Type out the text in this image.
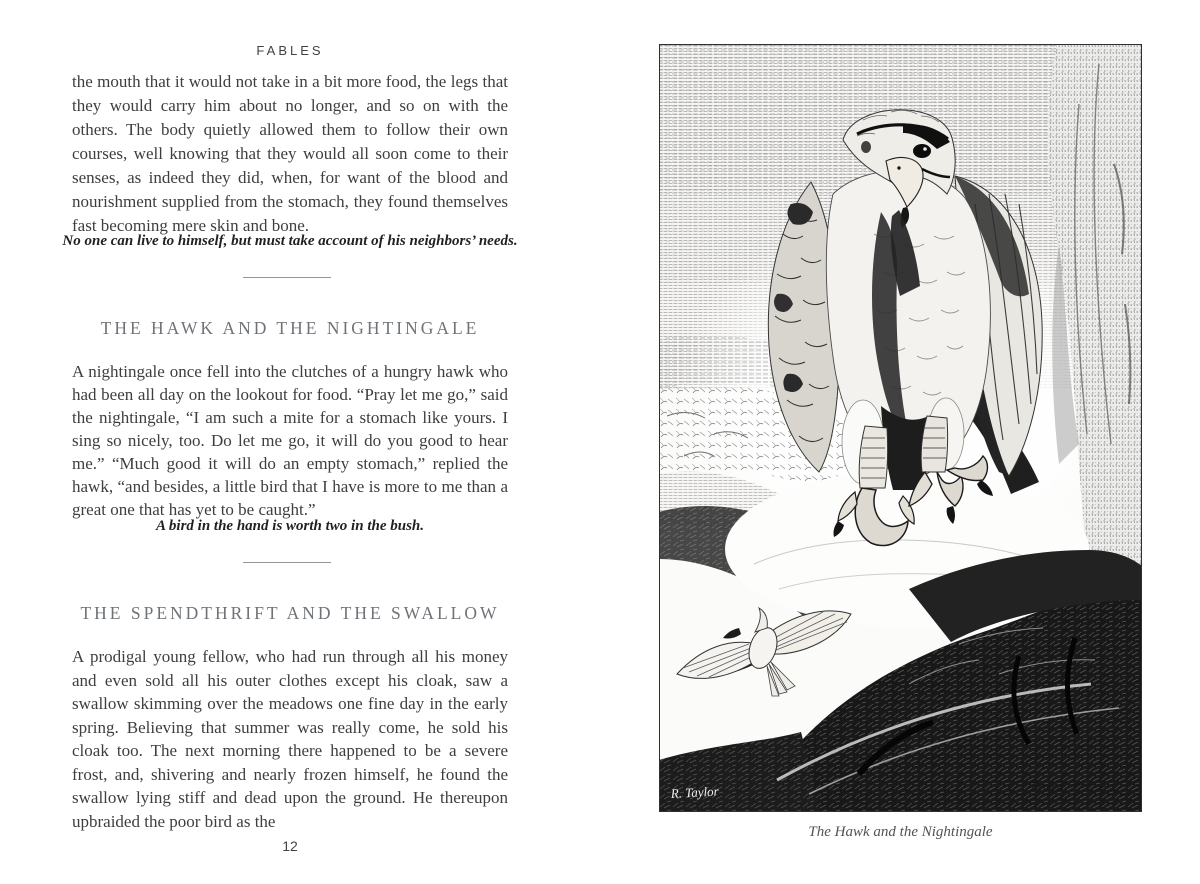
FABLES
the mouth that it would not take in a bit more food, the legs that they would carry him about no longer, and so on with the others. The body quietly allowed them to follow their own courses, well knowing that they would all soon come to their senses, as indeed they did, when, for want of the blood and nourishment supplied from the stomach, they found themselves fast becoming mere skin and bone.
No one can live to himself, but must take account of his neighbors’ needs.
THE HAWK AND THE NIGHTINGALE
A nightingale once fell into the clutches of a hungry hawk who had been all day on the lookout for food. “Pray let me go,” said the nightingale, “I am such a mite for a stomach like yours. I sing so nicely, too. Do let me go, it will do you good to hear me.” “Much good it will do an empty stomach,” replied the hawk, “and besides, a little bird that I have is more to me than a great one that has yet to be caught.”
A bird in the hand is worth two in the bush.
THE SPENDTHRIFT AND THE SWALLOW
A prodigal young fellow, who had run through all his money and even sold all his outer clothes except his cloak, saw a swallow skimming over the meadows one fine day in the early spring. Believing that summer was really come, he sold his cloak too. The next morning there happened to be a severe frost, and, shivering and nearly frozen himself, he found the swallow lying stiff and dead upon the ground. He thereupon upbraided the poor bird as the
12
R. Taylor	Ernest
The Hawk and the Nightingale
